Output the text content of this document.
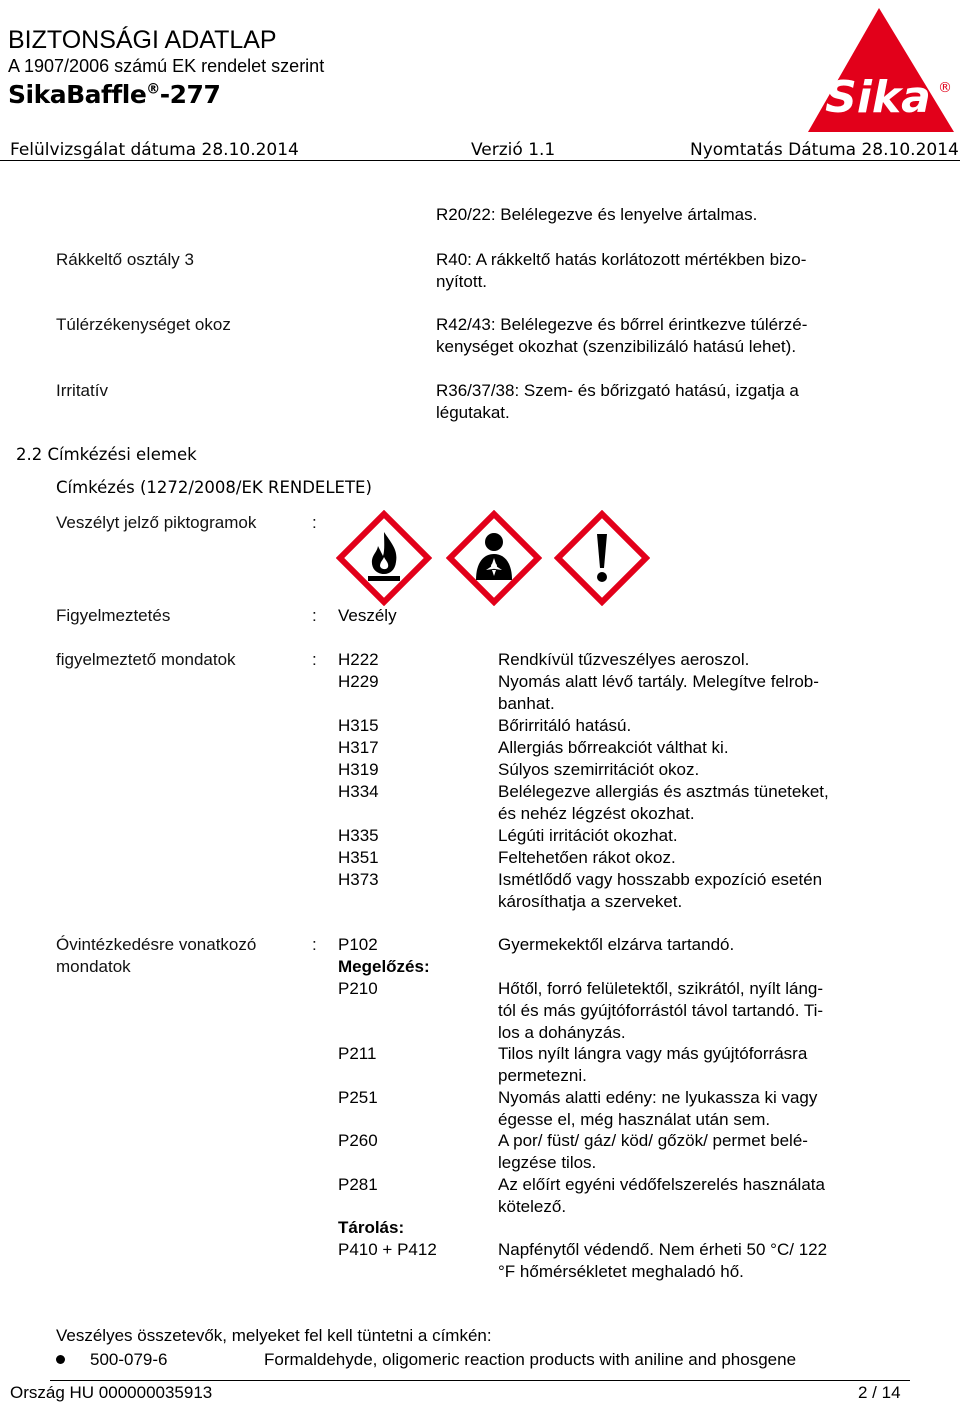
BIZTONSÁGI ADATLAP
A 1907/2006 számú EK rendelet szerint
SikaBaffle®-277
Felülvizsgálat dátuma 28.10.2014	Verzió 1.1	Nyomtatás Dátuma 28.10.2014
Sika ®
R20/22: Belélegezve és lenyelve ártalmas.
Rákkeltő osztály 3	R40: A rákkeltő hatás korlátozott mértékben bizo-
nyított.
Túlérzékenységet okoz	R42/43: Belélegezve és bőrrel érintkezve túlérzé-
kenységet okozhat (szenzibilizáló hatású lehet).
Irritatív	R36/37/38: Szem- és bőrizgató hatású, izgatja a
légutakat.
2.2 Címkézési elemek
Címkézés (1272/2008/EK RENDELETE)
Veszélyt jelző piktogramok	:
Figyelmeztetés	: Veszély
figyelmeztető mondatok	: H222	Rendkívül tűzveszélyes aeroszol.
H229	Nyomás alatt lévő tartály. Melegítve felrob-
banhat.
H315	Bőrirritáló hatású.
H317	Allergiás bőrreakciót válthat ki.
H319	Súlyos szemirritációt okoz.
H334	Belélegezve allergiás és asztmás tüneteket,
és nehéz légzést okozhat.
H335	Légúti irritációt okozhat.
H351	Feltehetően rákot okoz.
H373	Ismétlődő vagy hosszabb expozíció esetén
károsíthatja a szerveket.
Óvintézkedésre vonatkozó
mondatok
: P102	Gyermekektől elzárva tartandó.
Megelőzés:
P210	Hőtől, forró felületektől, szikrától, nyílt láng-
tól és más gyújtóforrástól távol tartandó. Ti-
los a dohányzás.
P211	Tilos nyílt lángra vagy más gyújtóforrásra
permetezni.
P251	Nyomás alatti edény: ne lyukassza ki vagy
égesse el, még használat után sem.
P260	A por/ füst/ gáz/ köd/ gőzök/ permet belé-
legzése tilos.
P281	Az előírt egyéni védőfelszerelés használata
kötelező.
Tárolás:
P410 + P412	Napfénytől védendő. Nem érheti 50 °C/ 122
°F hőmérsékletet meghaladó hő.
Veszélyes összetevők, melyeket fel kell tüntetni a címkén:
500-079-6	Formaldehyde, oligomeric reaction products with aniline and phosgene
Ország HU 000000035913	2 / 14
